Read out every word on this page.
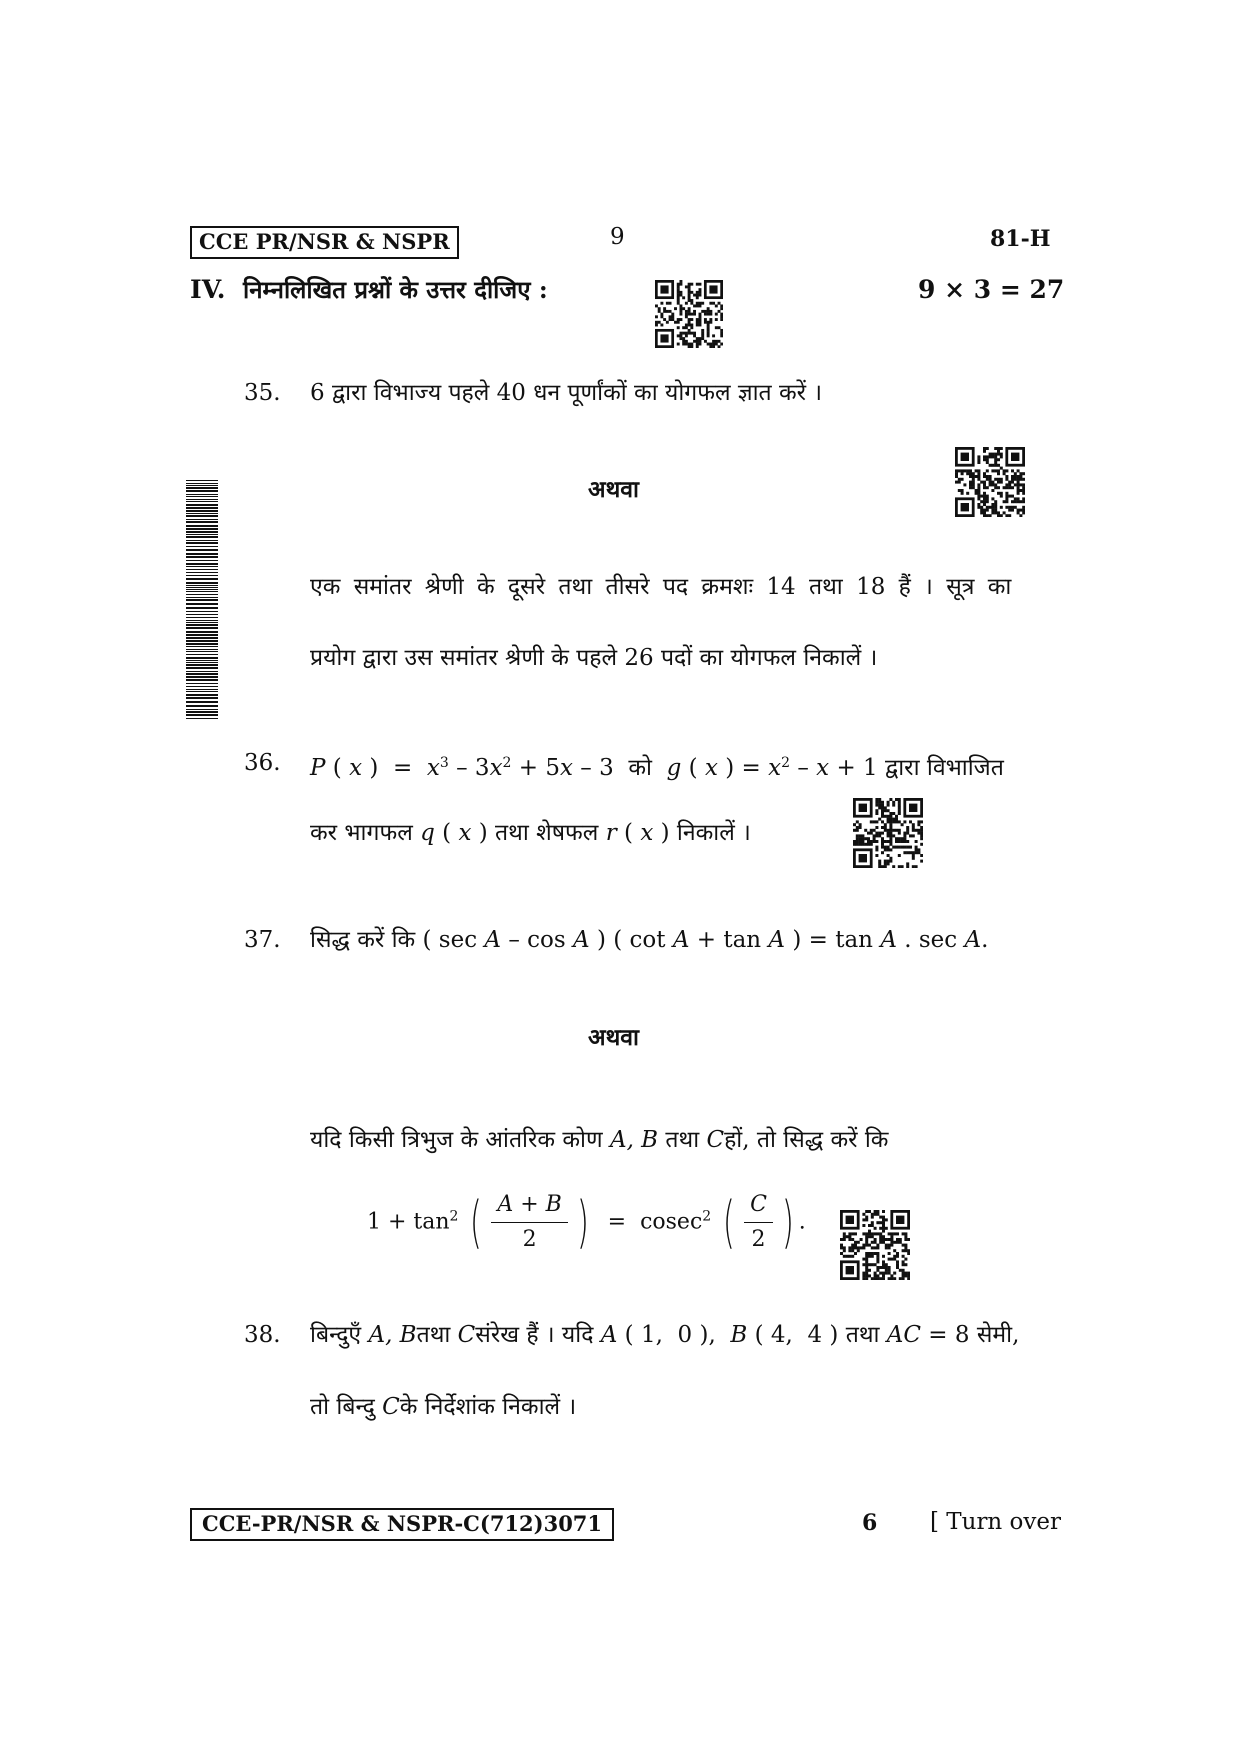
CCE PR/NSR & NSPR	9	81-H
IV. निम्नलिखित प्रश्नों के उत्तर दीजिए :	9 × 3 = 27
35. 6 द्वारा विभाज्य पहले 40 धन पूर्णांकों का योगफल ज्ञात करें ।
अथवा
एक समांतर श्रेणी के दूसरे तथा तीसरे पद क्रमशः 14 तथा 18 हैं । सूत्र का
प्रयोग द्वारा उस समांतर श्रेणी के पहले 26 पदों का योगफल निकालें ।
36. P ( x )  =  $x^3 - 3x^2 + 5x - 3$ को g ( x ) = $x^2 - x + 1$ द्वारा विभाजित
कर भागफल q ( x ) तथा शेषफल r ( x ) निकालें ।
37. सिद्ध करें कि ( sec A – cos A ) ( cot A + tan A ) = tan A . sec A.
अथवा
यदि किसी त्रिभुज के आंतरिक कोण A, B तथा Cहों, तो सिद्ध करें कि
$1 + \tan^2$ ( $\frac{A + B}{2}$ )  =  cosec$^2$ ( $\frac{C}{2}$ ) .
38. बिन्दुएँ A, Bतथा Cसंरेख हैं । यदि A ( 1,  0 ),  B ( 4,  4 ) तथा AC = 8 सेमी,
तो बिन्दु Cके निर्देशांक निकालें ।
CCE-PR/NSR & NSPR-C(712)3071	6 [ Turn over
